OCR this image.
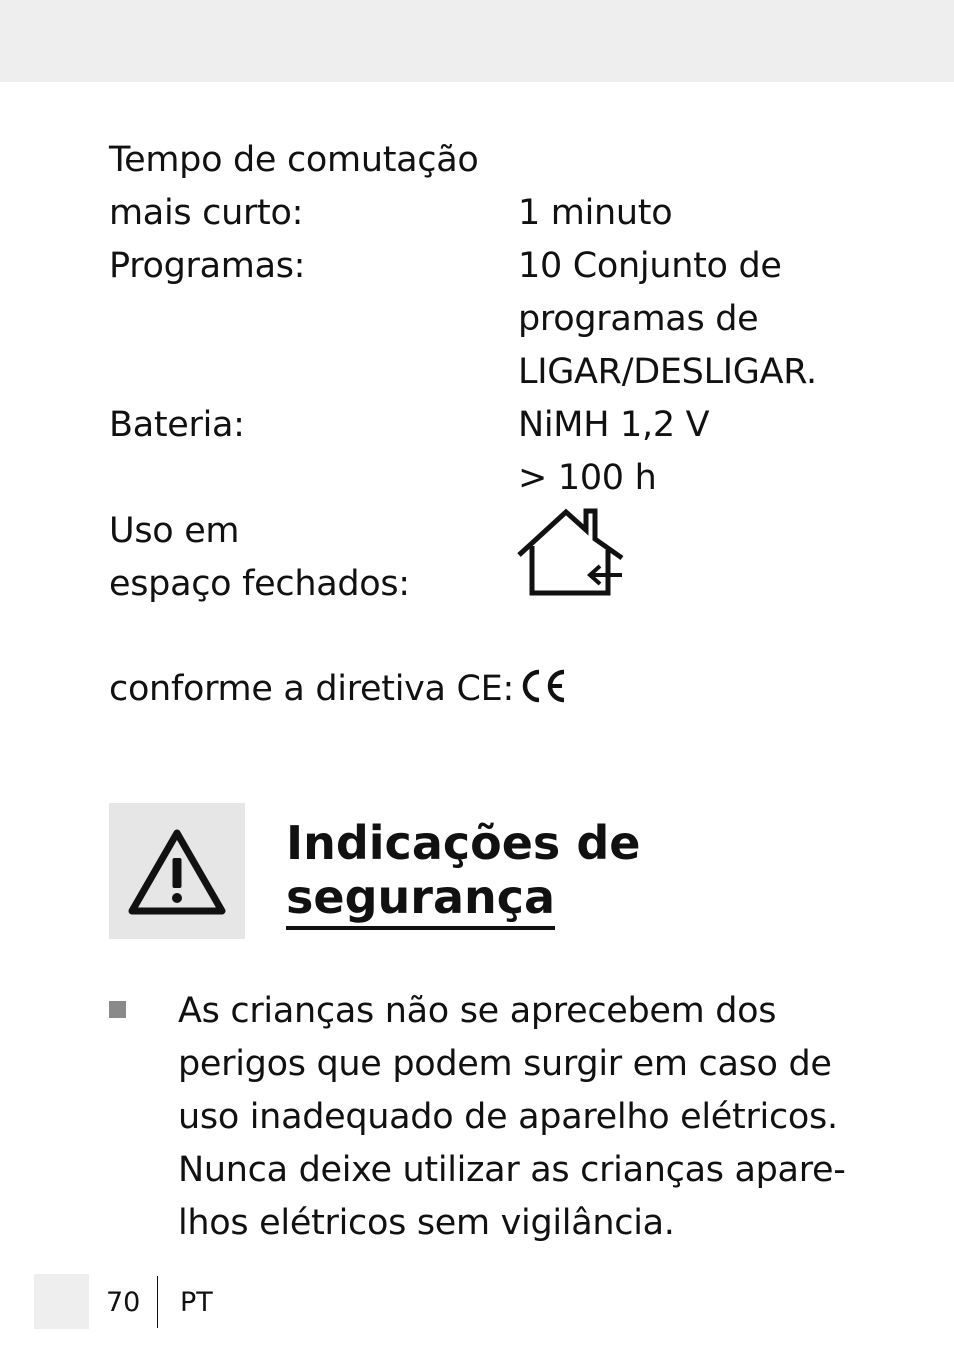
Tempo de comutação
mais curto:	1 minuto
Programas:	10 Conjunto de
programas de
LIGAR/DESLIGAR.
Bateria:	NiMH 1,2 V
> 100 h
Uso em
espaço fechados:
conforme a diretiva CE:
Indicações de
segurança
As crianças não se aprecebem dos
perigos que podem surgir em caso de
uso inadequado de aparelho elétricos.
Nunca deixe utilizar as crianças apare-
lhos elétricos sem vigilância.
70 PT
